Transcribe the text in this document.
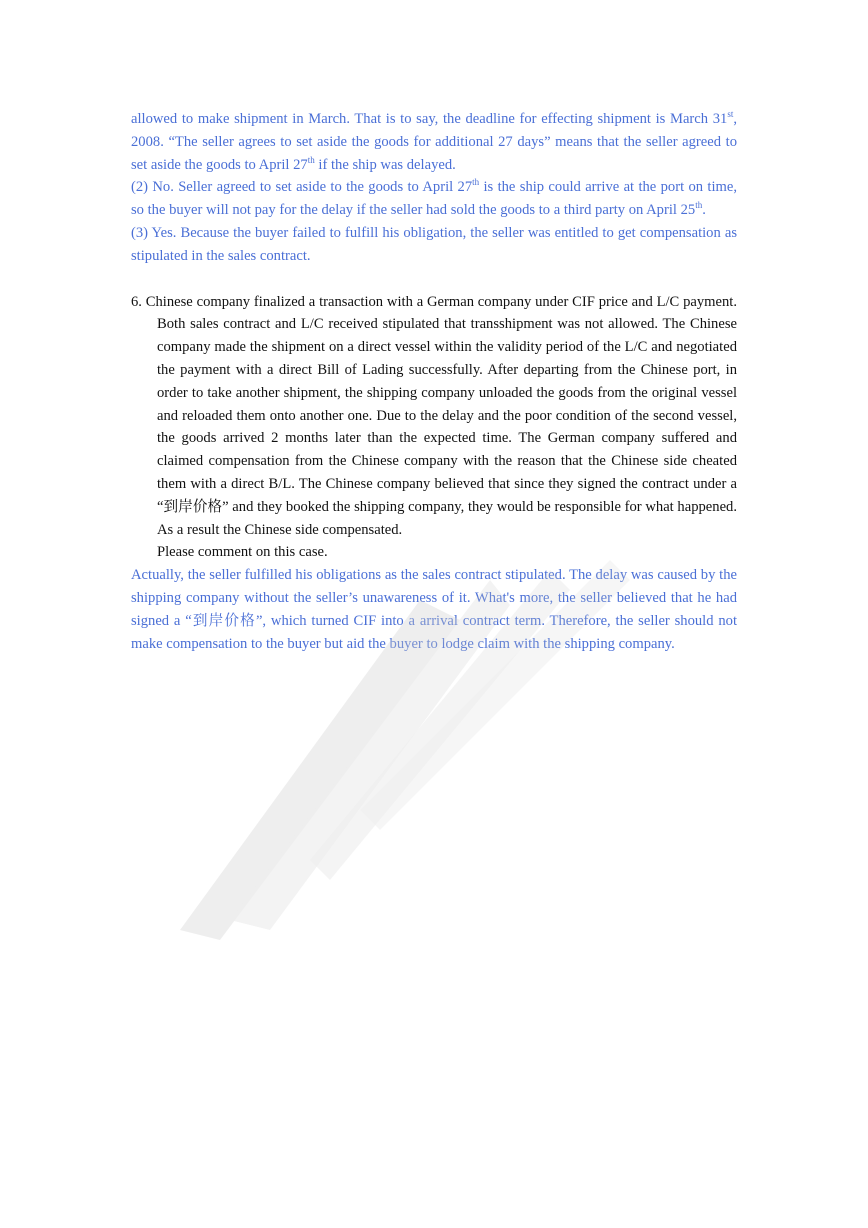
allowed to make shipment in March. That is to say, the deadline for effecting shipment is March 31st, 2008. “The seller agrees to set aside the goods for additional 27 days” means that the seller agreed to set aside the goods to April 27th if the ship was delayed.

(2) No. Seller agreed to set aside to the goods to April 27th is the ship could arrive at the port on time, so the buyer will not pay for the delay if the seller had sold the goods to a third party on April 25th.

(3) Yes. Because the buyer failed to fulfill his obligation, the seller was entitled to get compensation as stipulated in the sales contract.

6. Chinese company finalized a transaction with a German company under CIF price and L/C payment. Both sales contract and L/C received stipulated that transshipment was not allowed. The Chinese company made the shipment on a direct vessel within the validity period of the L/C and negotiated the payment with a direct Bill of Lading successfully. After departing from the Chinese port, in order to take another shipment, the shipping company unloaded the goods from the original vessel and reloaded them onto another one. Due to the delay and the poor condition of the second vessel, the goods arrived 2 months later than the expected time. The German company suffered and claimed compensation from the Chinese company with the reason that the Chinese side cheated them with a direct B/L. The Chinese company believed that since they signed the contract under a “到岸价格” and they booked the shipping company, they would be responsible for what happened. As a result the Chinese side compensated.

Please comment on this case.

Actually, the seller fulfilled his obligations as the sales contract stipulated. The delay was caused by the shipping company without the seller’s unawareness of it. What's more, the seller believed that he had signed a “到岸价格”, which turned CIF into a arrival contract term. Therefore, the seller should not make compensation to the buyer but aid the buyer to lodge claim with the shipping company.
